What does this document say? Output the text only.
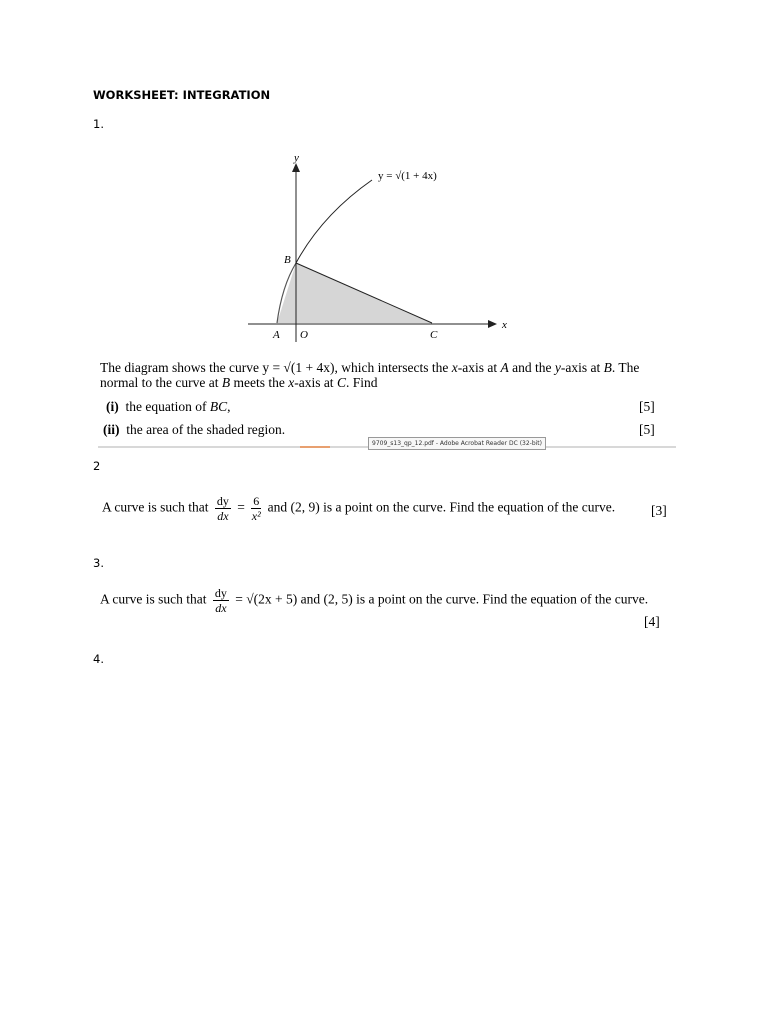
WORKSHEET: INTEGRATION
1.
y
x
y = √(1 + 4x)
A O
B
C
The diagram shows the curve y = √(1 + 4x), which intersects the x-axis at A and the y-axis at B. The
normal to the curve at B meets the x-axis at C. Find
(i) the equation of BC,	[5]
(ii) the area of the shaded region.	[5]
9709_s13_qp_12.pdf - Adobe Acrobat Reader DC (32-bit)
2
A curve is such that $\frac{dy}{dx} = \frac{6}{\text{x²}}$ and (2, 9) is a point on the curve. Find the equation of the curve.	[3]
3.
A curve is such that $\frac{dy}{dx} = √(2x + 5)$ and (2, 5) is a point on the curve. Find the equation of the curve.
[4]
4.
